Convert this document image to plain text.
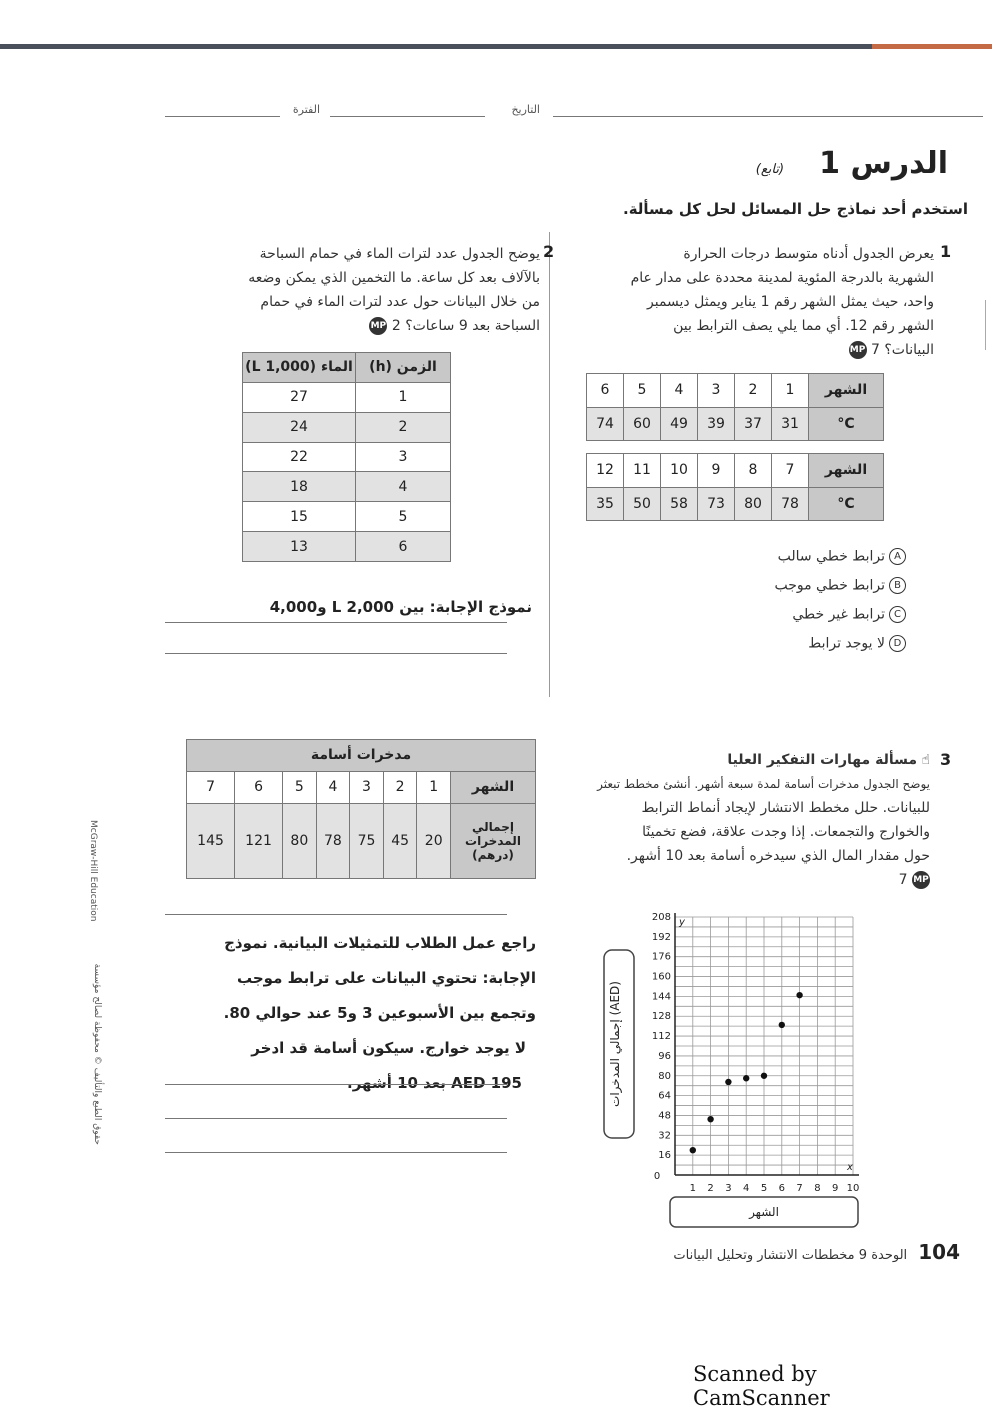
التاريخ
الفترة
الدرس 1 (تابع)
استخدم أحد نماذج حل المسائل لحل كل مسألة.
1
يعرض الجدول أدناه متوسط درجات الحرارة
الشهرية بالدرجة المئوية لمدينة محددة على مدار عام
واحد، حيث يمثل الشهر رقم 1 يناير ويمثل ديسمبر
الشهر رقم 12. أي مما يلي يصف الترابط بين
البيانات؟ 7 MP
الشهر	1	2	3	4	5	6
°C	31	37	39	49	60	74
الشهر	7	8	9	10	11	12
°C	78	80	73	58	50	35
Aترابط خطي سالب
Bترابط خطي موجب
Cترابط غير خطي
Dلا يوجد ترابط
2
يوضح الجدول عدد لترات الماء في حمام السباحة
بالآلاف بعد كل ساعة. ما التخمين الذي يمكن وضعه
من خلال البيانات حول عدد لترات الماء في حمام
السباحة بعد 9 ساعات؟ 2 MP
الزمن (h)	الماء (1,000 L)
1	27
2	24
3	22
4	18
5	15
6	13
نموذج الإجابة: بين 2,000 L و4,000
3
☝ مسألة مهارات التفكير العليا
يوضح الجدول مدخرات أسامة لمدة سبعة أشهر. أنشئ مخطط تبعثر
للبيانات. حلل مخطط الانتشار لإيجاد أنماط الترابط
والخوارج والتجمعات. إذا وجدت علاقة، فضع تخمينًا
حول مقدار المال الذي سيدخره أسامة بعد 10 أشهر.
MP 7
مدخرات أسامة							
الشهر	1	2	3	4	5	6	7
إجمالي المدخرات (درهم)	20	45	75	78	80	121	145
راجع عمل الطلاب للتمثيلات البيانية. نموذج
الإجابة: تحتوي البيانات على ترابط موجب
وتجمع بين الأسبوعين 3 و5 عند حوالي 80.
لا يوجد خوارج. سيكون أسامة قد ادخر
AED 195 بعد 10 أشهر.
x
y
0
1 2 3 4 5 6 7 8 9 10
16
32
48
64
80
96
112
128
144
160
176
192
208
إجمالي المدخرات (AED)
الشهر
McGraw-Hill Education
حقوق الطبع والتأليف © محفوظة لصالح مؤسسة
104 الوحدة 9 مخططات الانتشار وتحليل البيانات
Scanned by CamScanner
